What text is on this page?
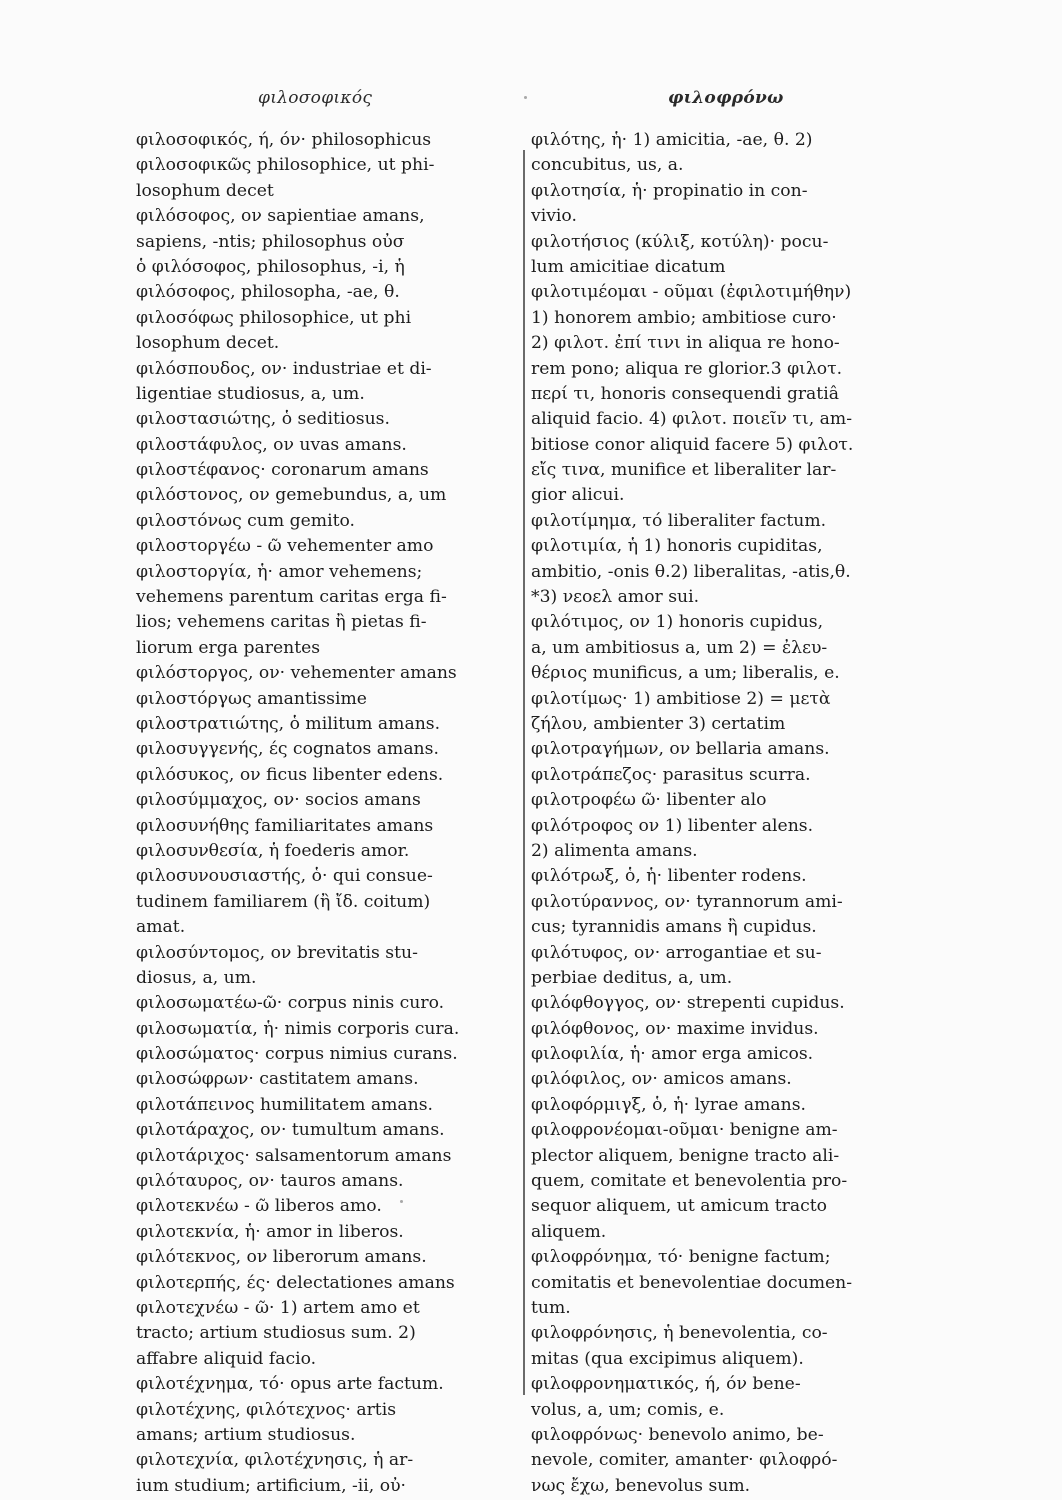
φιλοσοφικός	φιλοφρόνω
φιλοσοφικός, ή, όν· philosophicus
φιλοσοφικῶς philosophice, ut phi-
losophum decet
φιλόσοφος, ον sapientiae amans,
sapiens, -ntis; philosophus οὐσ
ὁ φιλόσοφος, philosophus, -i, ἡ
φιλόσοφος, philosopha, -ae, θ.
φιλοσόφως philosophice, ut phi
losophum decet.
φιλόσπουδος, ον· industriae et di-
ligentiae studiosus, a, um.
φιλοστασιώτης, ὁ seditiosus.
φιλοστάφυλος, ον uvas amans.
φιλοστέφανος· coronarum amans
φιλόστονος, ον gemebundus, a, um
φιλοστόνως cum gemito.
φιλοστοργέω - ῶ vehementer amo
φιλοστοργία, ἡ· amor vehemens;
vehemens parentum caritas erga fi-
lios; vehemens caritas ἢ pietas fi-
liorum erga parentes
φιλόστοργος, ον· vehementer amans
φιλοστόργως amantissime
φιλοστρατιώτης, ὁ militum amans.
φιλοσυγγενής, ές cognatos amans.
φιλόσυκος, ον ficus libenter edens.
φιλοσύμμαχος, ον· socios amans
φιλοσυνήθης familiaritates amans
φιλοσυνθεσία, ἡ foederis amor.
φιλοσυνουσιαστής, ὁ· qui consue-
tudinem familiarem (ἢ ἴδ. coitum)
amat.
φιλοσύντομος, ον brevitatis stu-
diosus, a, um.
φιλοσωματέω-ῶ· corpus ninis curo.
φιλοσωματία, ἡ· nimis corporis cura.
φιλοσώματος· corpus nimius curans.
φιλοσώφρων· castitatem amans.
φιλοτάπεινος humilitatem amans.
φιλοτάραχος, ον· tumultum amans.
φιλοτάριχος· salsamentorum amans
φιλόταυρος, ον· tauros amans.
φιλοτεκνέω - ῶ liberos amo.
φιλοτεκνία, ἡ· amor in liberos.
φιλότεκνος, ον liberorum amans.
φιλοτερπής, ές· delectationes amans
φιλοτεχνέω - ῶ· 1) artem amo et
tracto; artium studiosus sum. 2)
affabre aliquid facio.
φιλοτέχνημα, τό· opus arte factum.
φιλοτέχνης, φιλότεχνος· artis
amans; artium studiosus.
φιλοτεχνία, φιλοτέχνησις, ἡ ar-
ium studium; artificium, -ii, οὐ·
φιλότης, ἡ· 1) amicitia, -ae, θ. 2)
concubitus, us, a.
φιλοτησία, ἡ· propinatio in con-
vivio.
φιλοτήσιος (κύλιξ, κοτύλη)· pocu-
lum amicitiae dicatum
φιλοτιμέομαι - οῦμαι (ἐφιλοτιμήθην)
1) honorem ambio; ambitiose curo·
2) φιλοτ. ἐπί τινι in aliqua re hono-
rem pono; aliqua re glorior.3 φιλοτ.
περί τι, honoris consequendi gratiâ
aliquid facio. 4) φιλοτ. ποιεῖν τι, am-
bitiose conor aliquid facere 5) φιλοτ.
εἴς τινα, munifice et liberaliter lar-
gior alicui.
φιλοτίμημα, τό liberaliter factum.
φιλοτιμία, ἡ 1) honoris cupiditas,
ambitio, -onis θ.2) liberalitas, -atis,θ.
*3) νεοελ amor sui.
φιλότιμος, ον 1) honoris cupidus,
a, um ambitiosus a, um 2) = ἐλευ-
θέριος munificus, a um; liberalis, e.
φιλοτίμως· 1) ambitiose 2) = μετὰ
ζήλου, ambienter 3) certatim
φιλοτραγήμων, ον bellaria amans.
φιλοτράπεζος· parasitus scurra.
φιλοτροφέω ῶ· libenter alo
φιλότροφος ον 1) libenter alens.
2) alimenta amans.
φιλότρωξ, ὁ, ἡ· libenter rodens.
φιλοτύραννος, ον· tyrannorum ami-
cus; tyrannidis amans ἢ cupidus.
φιλότυφος, ον· arrogantiae et su-
perbiae deditus, a, um.
φιλόφθογγος, ον· strepenti cupidus.
φιλόφθονος, ον· maxime invidus.
φιλοφιλία, ἡ· amor erga amicos.
φιλόφιλος, ον· amicos amans.
φιλοφόρμιγξ, ὁ, ἡ· lyrae amans.
φιλοφρονέομαι-οῦμαι· benigne am-
plector aliquem, benigne tracto ali-
quem, comitate et benevolentia pro-
sequor aliquem, ut amicum tracto
aliquem.
φιλοφρόνημα, τό· benigne factum;
comitatis et benevolentiae documen-
tum.
φιλοφρόνησις, ἡ benevolentia, co-
mitas (qua excipimus aliquem).
φιλοφρονηματικός, ή, όν bene-
volus, a, um; comis, e.
φιλοφρόνως· benevolo animo, be-
nevole, comiter, amanter· φιλοφρό-
νως ἔχω, benevolus sum.
